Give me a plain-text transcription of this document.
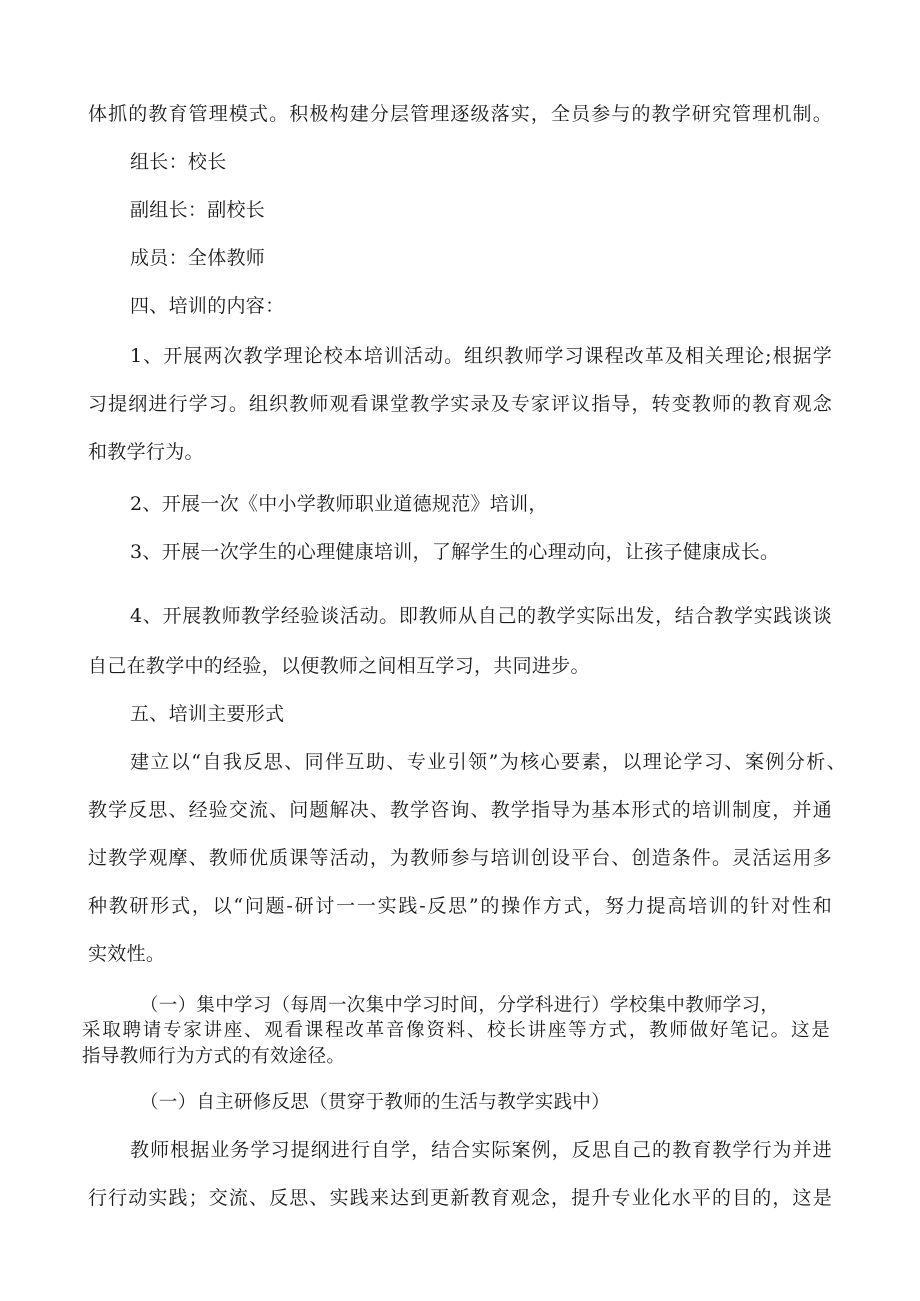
体抓的教育管理模式。积极构建分层管理逐级落实，全员参与的教学研究管理机制。
组长：校长
副组长：副校长
成员：全体教师
四、培训的内容：
1、开展两次教学理论校本培训活动。组织教师学习课程改革及相关理论;根据学
习提纲进行学习。组织教师观看课堂教学实录及专家评议指导，转变教师的教育观念
和教学行为。
2、开展一次《中小学教师职业道德规范》培训，
3、开展一次学生的心理健康培训，了解学生的心理动向，让孩子健康成长。
4、开展教师教学经验谈活动。即教师从自己的教学实际出发，结合教学实践谈谈
自己在教学中的经验，以便教师之间相互学习，共同进步。
五、培训主要形式
建立以“自我反思、同伴互助、专业引领”为核心要素，以理论学习、案例分析、
教学反思、经验交流、问题解决、教学咨询、教学指导为基本形式的培训制度，并通
过教学观摩、教师优质课等活动，为教师参与培训创设平台、创造条件。灵活运用多
种教研形式，以“问题-研讨一一实践-反思”的操作方式，努力提高培训的针对性和
实效性。
（一）集中学习（每周一次集中学习时间，分学科进行）学校集中教师学习，
采取聘请专家讲座、观看课程改革音像资料、校长讲座等方式，教师做好笔记。这是
指导教师行为方式的有效途径。
（一）自主研修反思（贯穿于教师的生活与教学实践中）
教师根据业务学习提纲进行自学，结合实际案例，反思自己的教育教学行为并进
行行动实践；交流、反思、实践来达到更新教育观念，提升专业化水平的目的，这是
